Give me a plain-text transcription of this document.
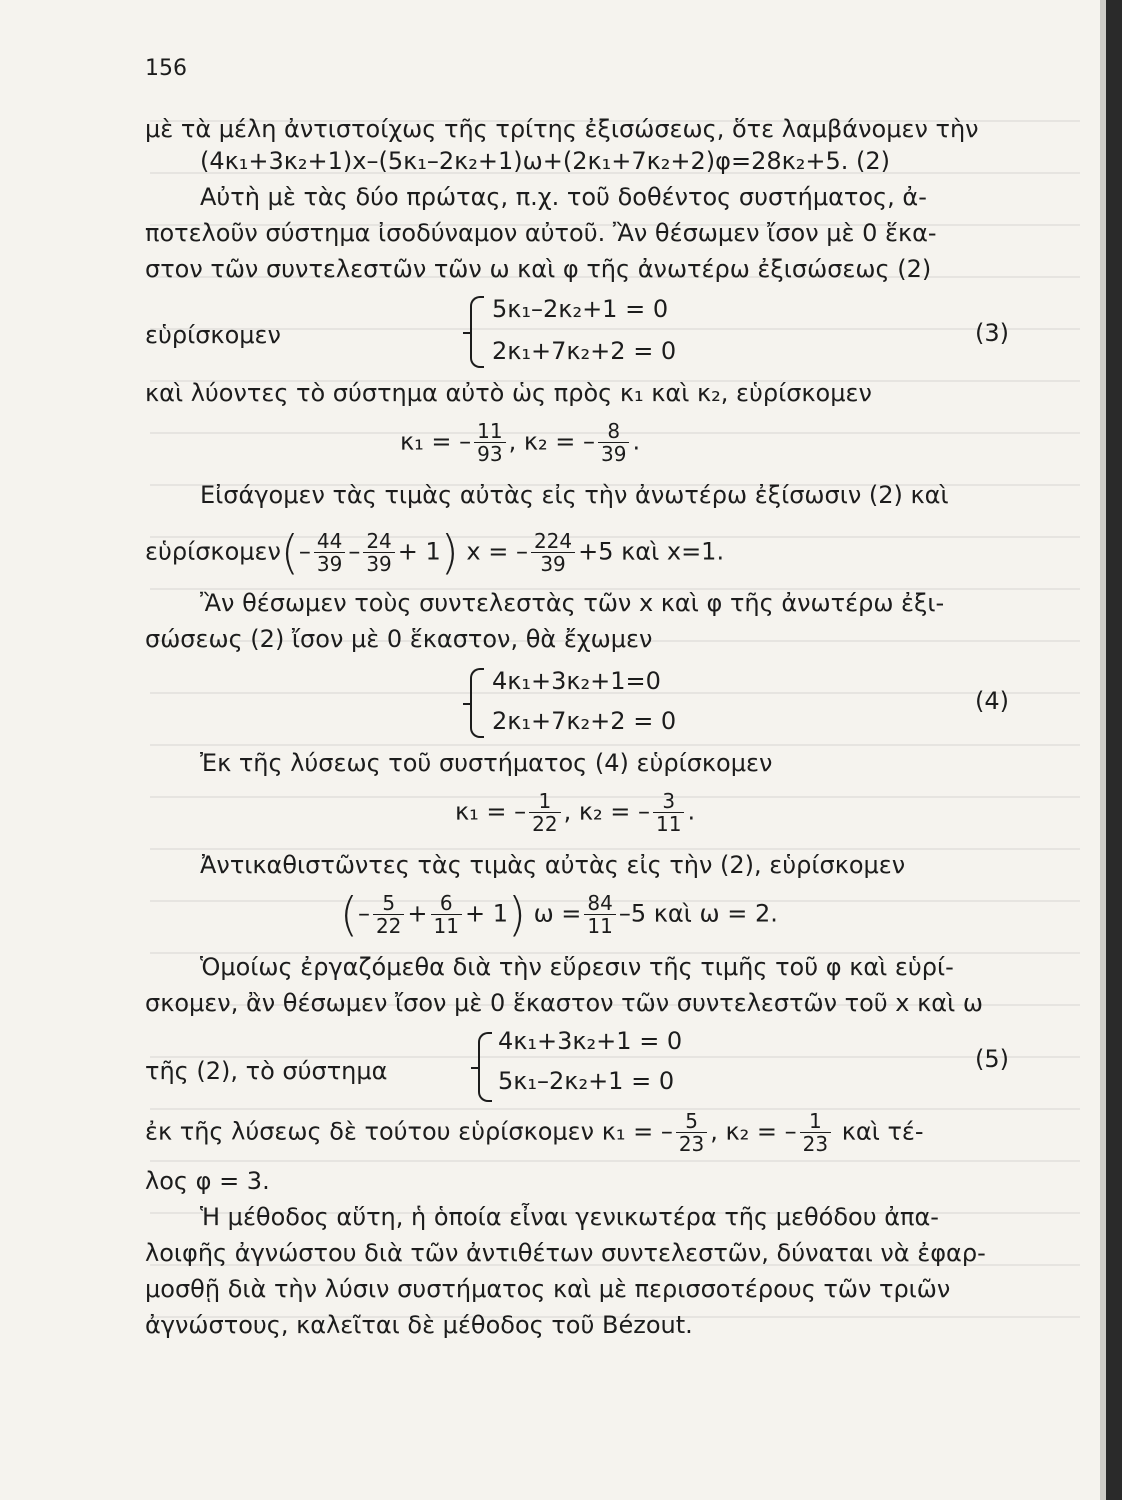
156
μὲ τὰ μέλη ἀντιστοίχως τῆς τρίτης ἐξισώσεως, ὅτε λαμβάνομεν τὴν
(4κ₁+3κ₂+1)x–(5κ₁–2κ₂+1)ω+(2κ₁+7κ₂+2)φ=28κ₂+5. (2)
Αὐτὴ μὲ τὰς δύο πρώτας, π.χ. τοῦ δοθέντος συστήματος, ἀ-
ποτελοῦν σύστημα ἰσοδύναμον αὐτοῦ. Ἂν θέσωμεν ἴσον μὲ 0 ἕκα-
στον τῶν συντελεστῶν τῶν ω καὶ φ τῆς ἀνωτέρω ἐξισώσεως (2)
εὑρίσκομεν
5κ₁–2κ₂+1 = 0
2κ₁+7κ₂+2 = 0
(3)
καὶ λύοντες τὸ σύστημα αὐτὸ ὡς πρὸς κ₁ καὶ κ₂, εὑρίσκομεν
κ₁ = – $\frac{11}{93}$ , κ₂ = – $\frac{8}{39}$ .
Εἰσάγομεν τὰς τιμὰς αὐτὰς εἰς τὴν ἀνωτέρω ἐξίσωσιν (2) καὶ
εὑρίσκομεν(– $\frac{44}{39} - \frac{24}{39} + 1$) x = – $\frac{224}{39} +5$ καὶ x=1.
Ἂν θέσωμεν τοὺς συντελεστὰς τῶν x καὶ φ τῆς ἀνωτέρω ἐξι-
σώσεως (2) ἴσον μὲ 0 ἕκαστον, θὰ ἔχωμεν
4κ₁+3κ₂+1=0
2κ₁+7κ₂+2 = 0
(4)
Ἐκ τῆς λύσεως τοῦ συστήματος (4) εὑρίσκομεν
κ₁ = – $\frac{1}{22}$ , κ₂ = – $\frac{3}{11}$ .
Ἀντικαθιστῶντες τὰς τιμὰς αὐτὰς εἰς τὴν (2), εὑρίσκομεν
(– $\frac{5}{22} + \frac{6}{11} + 1$) $\omega = \frac{84}{11} -5$ καὶ ω = 2.
Ὁμοίως ἐργαζόμεθα διὰ τὴν εὕρεσιν τῆς τιμῆς τοῦ φ καὶ εὑρί-
σκομεν, ἂν θέσωμεν ἴσον μὲ 0 ἕκαστον τῶν συντελεστῶν τοῦ x καὶ ω
τῆς (2), τὸ σύστημα
4κ₁+3κ₂+1 = 0
5κ₁–2κ₂+1 = 0
(5)
ἐκ τῆς λύσεως δὲ τούτου εὑρίσκομεν κ₁ = – $\frac{5}{23}$ , κ₂ = – $\frac{1}{23}$ καὶ τέ-
λος φ = 3.
Ἡ μέθοδος αὕτη, ἡ ὁποία εἶναι γενικωτέρα τῆς μεθόδου ἀπα-
λοιφῆς ἀγνώστου διὰ τῶν ἀντιθέτων συντελεστῶν, δύναται νὰ ἐφαρ-
μοσθῇ διὰ τὴν λύσιν συστήματος καὶ μὲ περισσοτέρους τῶν τριῶν
ἀγνώστους, καλεῖται δὲ μέθοδος τοῦ Bézout.
